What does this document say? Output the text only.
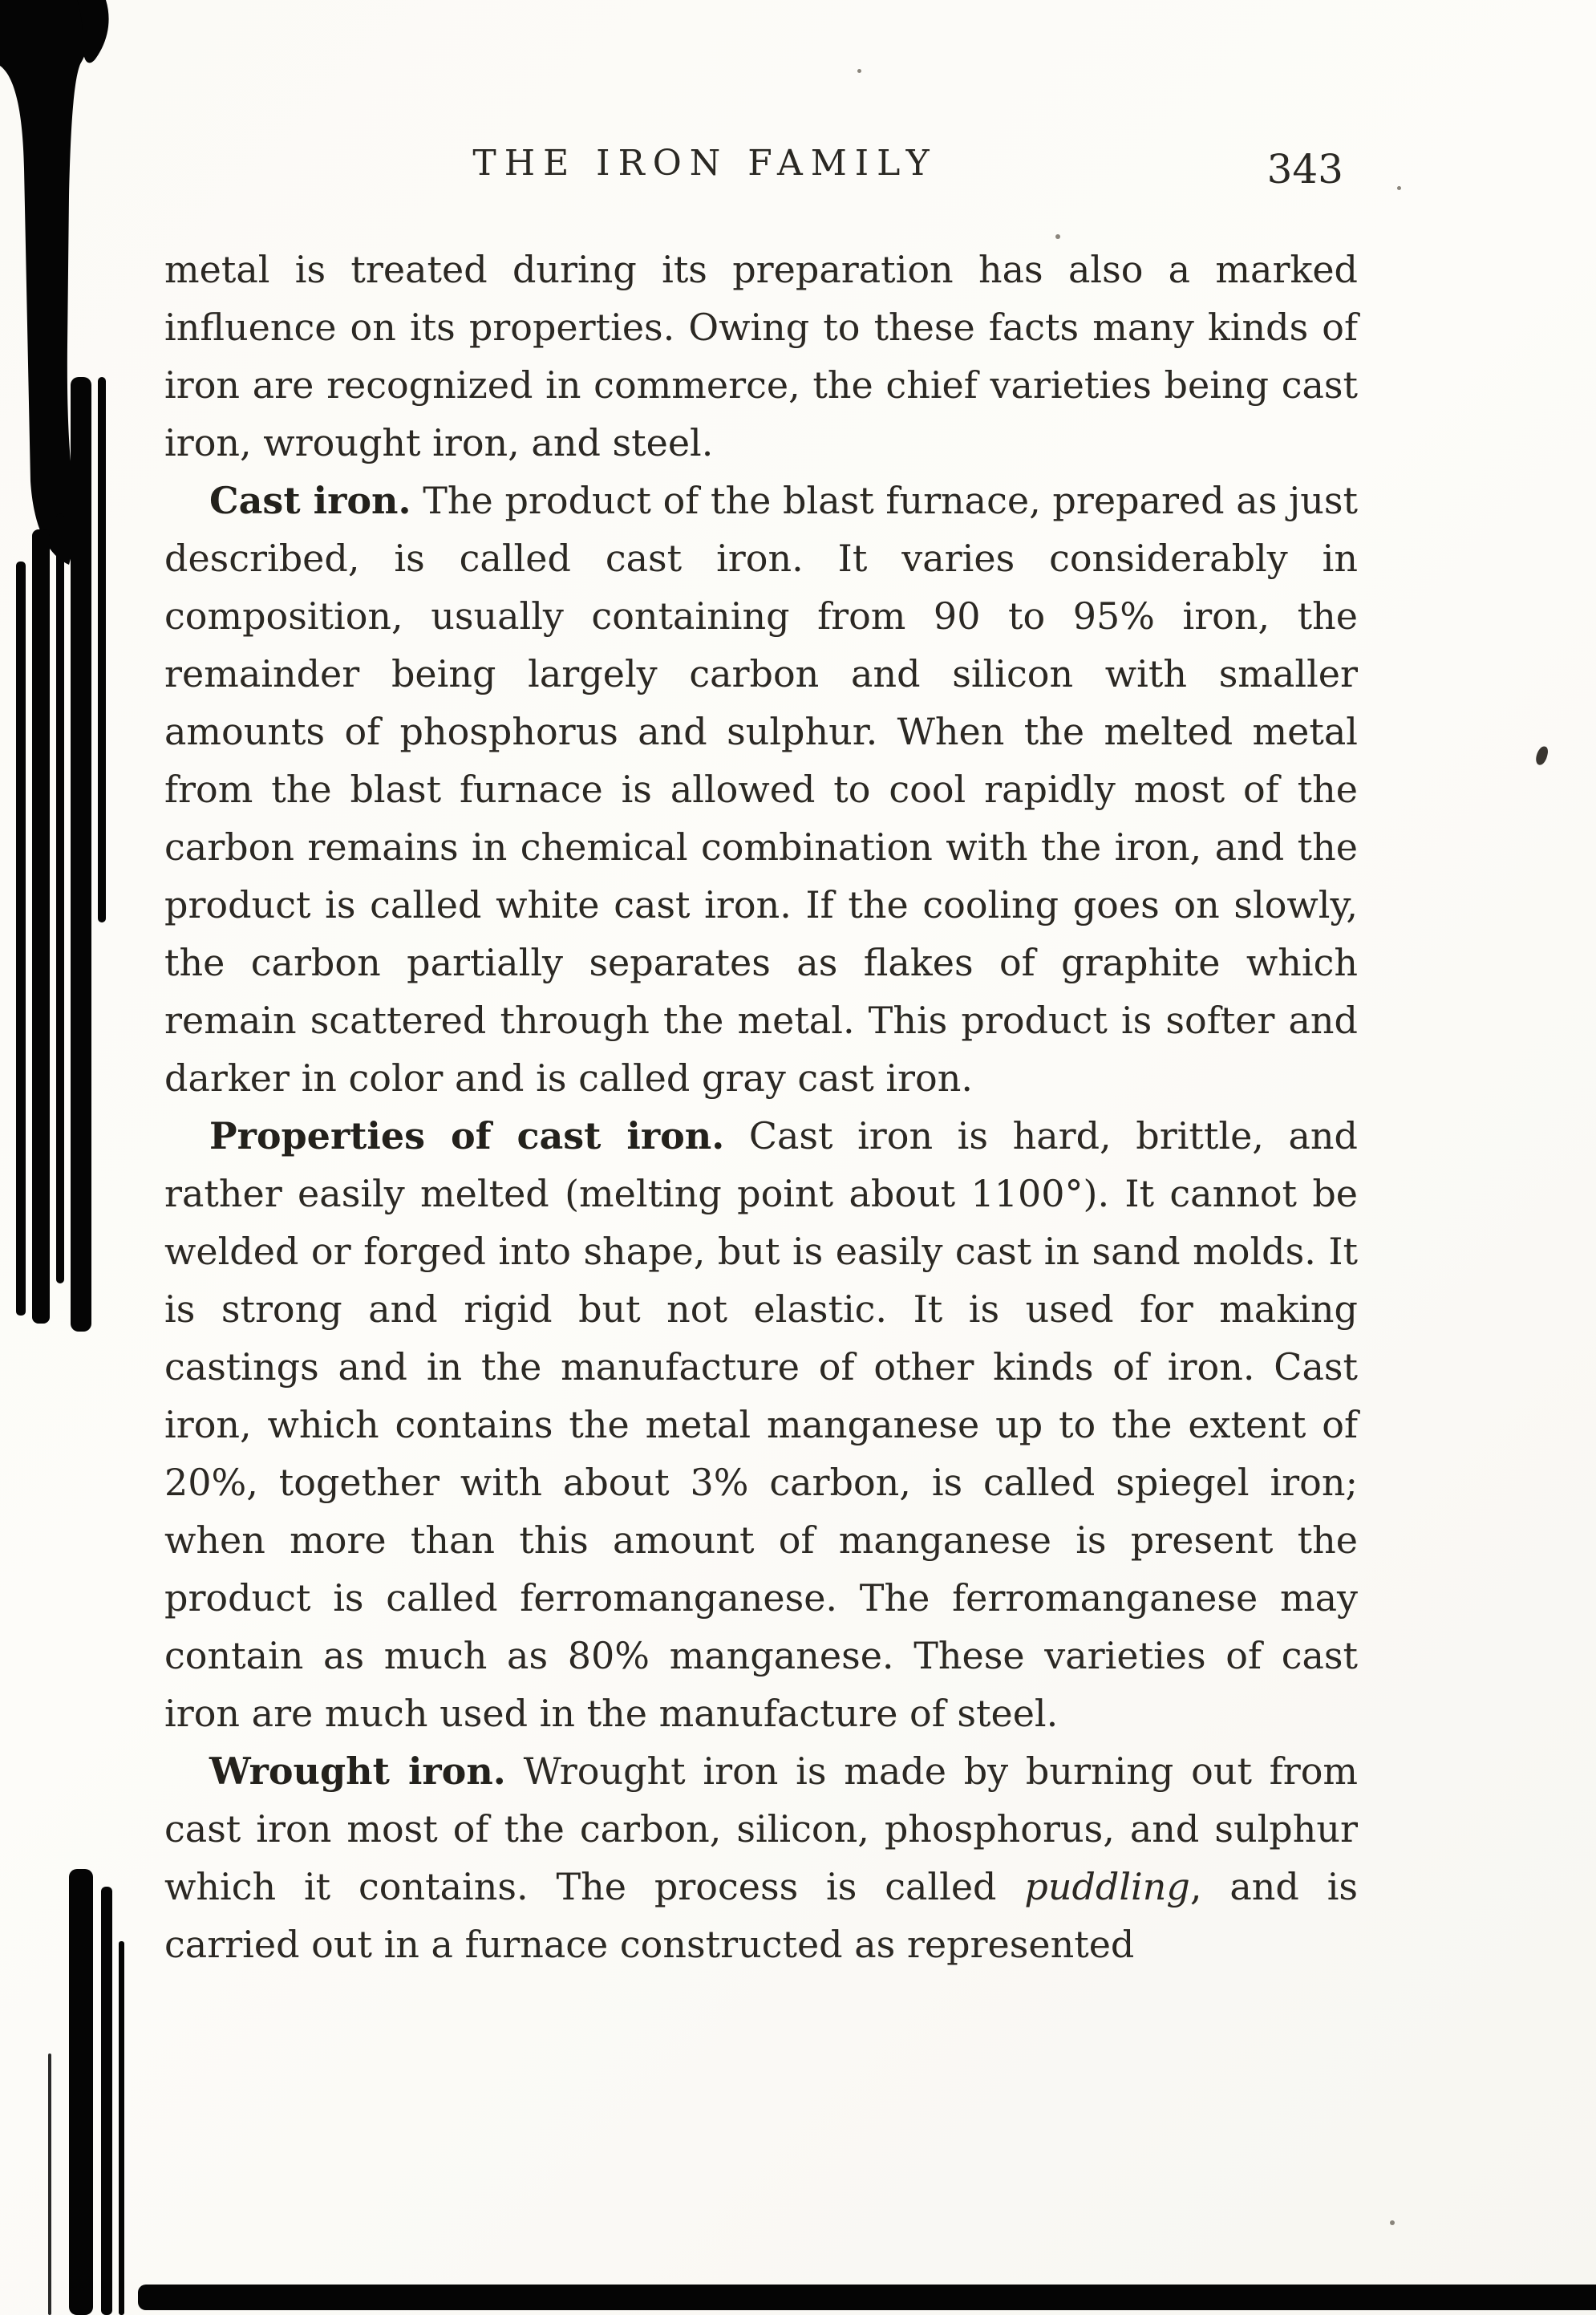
THE IRON FAMILY	343

metal is treated during its preparation has also a marked influence on its properties. Owing to these facts many kinds of iron are recognized in commerce, the chief varieties being cast iron, wrought iron, and steel.

Cast iron. The product of the blast furnace, prepared as just described, is called cast iron. It varies considerably in composition, usually containing from 90 to 95% iron, the remainder being largely carbon and silicon with smaller amounts of phosphorus and sulphur. When the melted metal from the blast furnace is allowed to cool rapidly most of the carbon remains in chemical combination with the iron, and the product is called white cast iron. If the cooling goes on slowly, the carbon partially separates as flakes of graphite which remain scattered through the metal. This product is softer and darker in color and is called gray cast iron.

Properties of cast iron. Cast iron is hard, brittle, and rather easily melted (melting point about 1100°). It cannot be welded or forged into shape, but is easily cast in sand molds. It is strong and rigid but not elastic. It is used for making castings and in the manufacture of other kinds of iron. Cast iron, which contains the metal manganese up to the extent of 20%, together with about 3% carbon, is called spiegel iron; when more than this amount of manganese is present the product is called ferromanganese. The ferromanganese may contain as much as 80% manganese. These varieties of cast iron are much used in the manufacture of steel.

Wrought iron. Wrought iron is made by burning out from cast iron most of the carbon, silicon, phosphorus, and sulphur which it contains. The process is called puddling, and is carried out in a furnace constructed as represented
